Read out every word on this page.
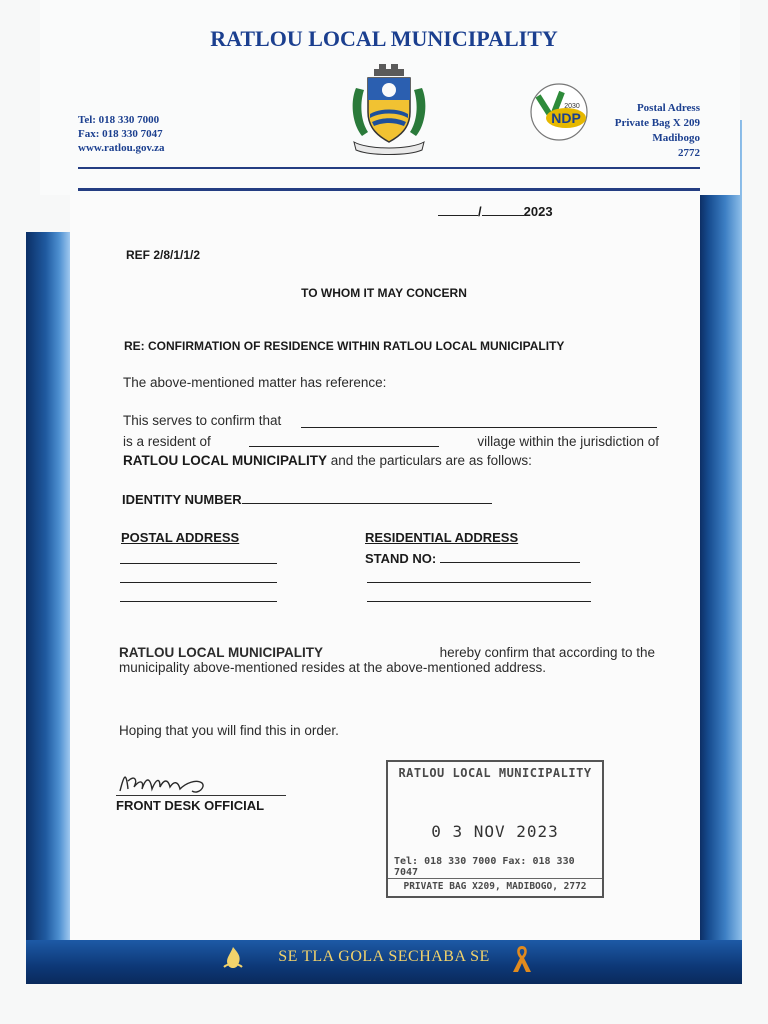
RATLOU LOCAL MUNICIPALITY
Tel: 018 330 7000
Fax: 018 330 7047
www.ratlou.gov.za
Postal Adress
Private Bag X 209
Madibogo
2772
NDP
2030
/	2023
REF 2/8/1/1/2
TO WHOM IT MAY CONCERN
RE: CONFIRMATION OF RESIDENCE WITHIN RATLOU LOCAL MUNICIPALITY
The above-mentioned matter has reference:
This serves to confirm that
is a resident of	village within the jurisdiction of
RATLOU LOCAL MUNICIPALITY and the particulars are as follows:
IDENTITY NUMBER
POSTAL ADDRESS	RESIDENTIAL ADDRESS
STAND NO:
RATLOU LOCAL MUNICIPALITY	hereby confirm that according to the
municipality above-mentioned resides at the above-mentioned address.
Hoping that you will find this in order.
FRONT DESK OFFICIAL
RATLOU LOCAL MUNICIPALITY
0 3 NOV 2023
Tel: 018 330 7000 Fax: 018 330 7047
PRIVATE BAG X209, MADIBOGO, 2772
SE TLA GOLA SECHABA SE
